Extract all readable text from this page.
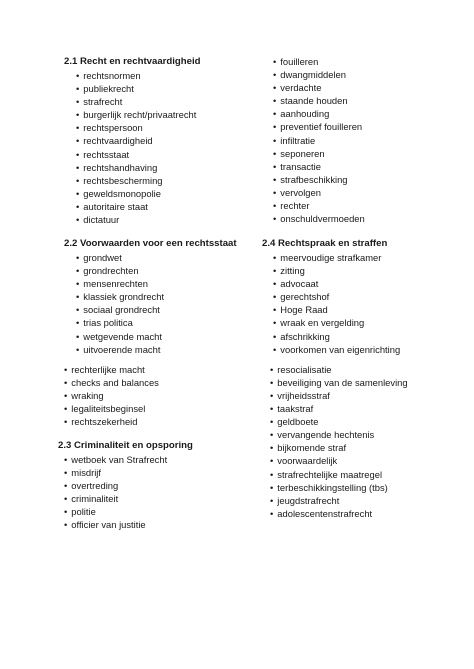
2.1 Recht en rechtvaardigheid
• rechtsnormen
• publiekrecht
• strafrecht
• burgerlijk recht/privaatrecht
• rechtspersoon
• rechtvaardigheid
• rechtsstaat
• rechtshandhaving
• rechtsbescherming
• geweldsmonopolie
• autoritaire staat
• dictatuur
2.2 Voorwaarden voor een rechtsstaat
• grondwet
• grondrechten
• mensenrechten
• klassiek grondrecht
• sociaal grondrecht
• trias politica
• wetgevende macht
• uitvoerende macht
• rechterlijke macht
• checks and balances
• wraking
• legaliteitsbeginsel
• rechtszekerheid
2.3 Criminaliteit en opsporing
• wetboek van Strafrecht
• misdrijf
• overtreding
• criminaliteit
• politie
• officier van justitie
• fouilleren
• dwangmiddelen
• verdachte
• staande houden
• aanhouding
• preventief fouilleren
• infiltratie
• seponeren
• transactie
• strafbeschikking
• vervolgen
• rechter
• onschuldvermoeden
2.4 Rechtspraak en straffen
• meervoudige strafkamer
• zitting
• advocaat
• gerechtshof
• Hoge Raad
• wraak en vergelding
• afschrikking
• voorkomen van eigenrichting
• resocialisatie
• beveiliging van de samenleving
• vrijheidsstraf
• taakstraf
• geldboete
• vervangende hechtenis
• bijkomende straf
• voorwaardelijk
• strafrechtelijke maatregel
• terbeschikkingstelling (tbs)
• jeugdstrafrecht
• adolescentenstrafrecht
